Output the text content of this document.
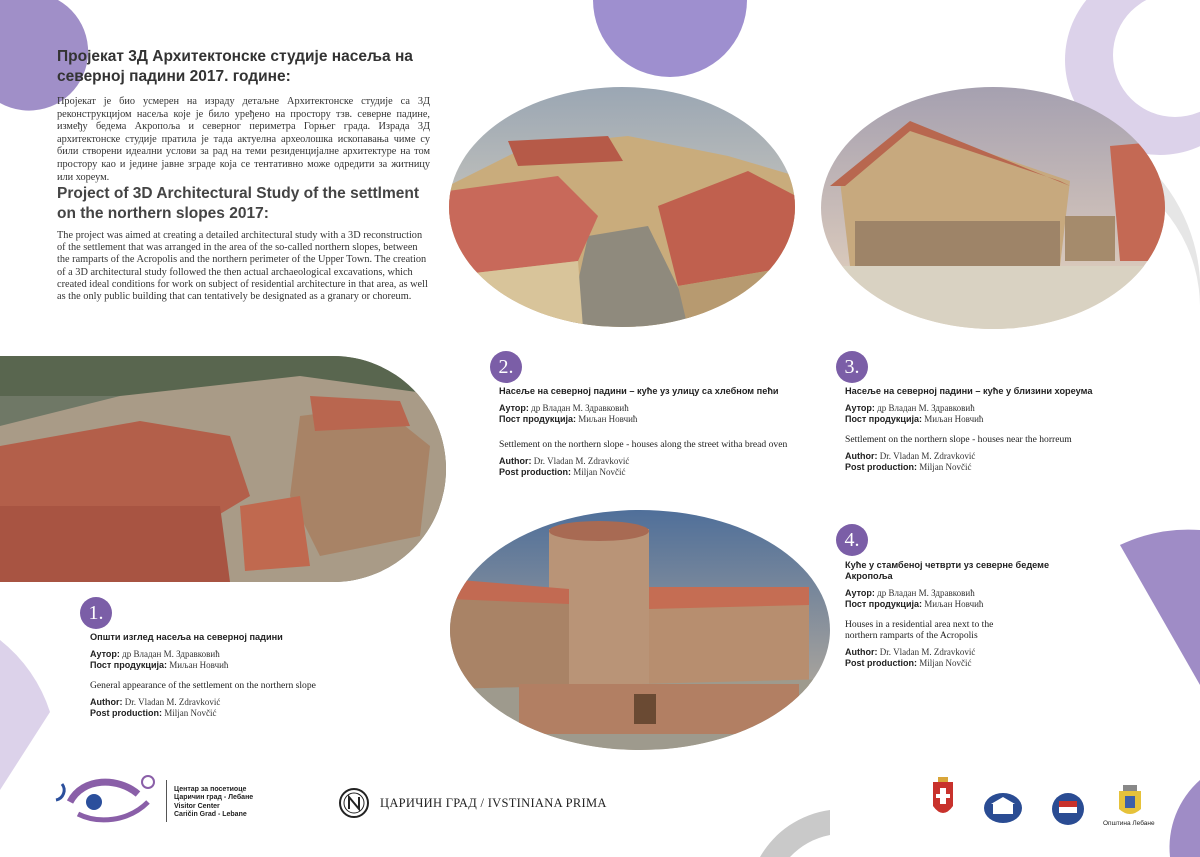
Пројекат 3Д Архитектонске студије насеља на северној падини 2017. године:
Пројекат је био усмерен на израду детаљне Архитектонске студије са 3Д реконструкцијом насеља које је било уређено на простору тзв. северне падине, између бедема Акропоља и северног периметра Горњег града. Израда 3Д архитектонске студије пратила је тада актуелна археолошка ископавања чиме су били створени идеални услови за рад на теми резиденцијалне архитектуре на том простору као и једине јавне зграде која се тентативно може одредити за житницу или хореум.
Project of 3D Architectural Study of the settlment on the northern slopes 2017:
The project was aimed at creating a detailed architectural study with a 3D reconstruction of the settlement that was arranged in the area of the so-called northern slopes, between the ramparts of the Acropolis and the northern perimeter of the Upper Town. The creation of a 3D architectural study followed the then actual archaeological excavations, which created ideal conditions for work on subject of residential architecture in that area, as well as the only public building that can tentatively be designated as a granary or choreum.
1.
Општи изглед насеља на северној падини
Аутор: др Владан М. Здравковић
Пост продукција: Миљан Новчић
General appearance of the settlement on the northern slope
Author: Dr. Vladan M. Zdravković
Post production: Miljan Novčić
2.
Насеље на северној падини – куће уз улицу са хлебном пећи
Аутор: др Владан М. Здравковић
Пост продукција: Миљан Новчић
Settlement on the northern slope - houses along the street witha bread oven
Author: Dr. Vladan M. Zdravković
Post production: Miljan Novčić
3.
Насеље на северној падини – куће у близини хореума
Аутор: др Владан М. Здравковић
Пост продукција: Миљан Новчић
Settlement on the northern slope - houses near the horreum
Author: Dr. Vladan M. Zdravković
Post production: Miljan Novčić
4.
Куће у стамбеној четврти уз северне бедеме Акропоља
Аутор: др Владан М. Здравковић
Пост продукција: Миљан Новчић
Houses in a residential area next to the northern ramparts of the Acropolis
Author: Dr. Vladan M. Zdravković
Post production: Miljan Novčić
Центар за посетиоце
Царичин град - Лебане
Visitor Center
Caričin Grad - Lebane
ЦАРИЧИН ГРАД / IVSTINIANA PRIMA
Општина Лебане
